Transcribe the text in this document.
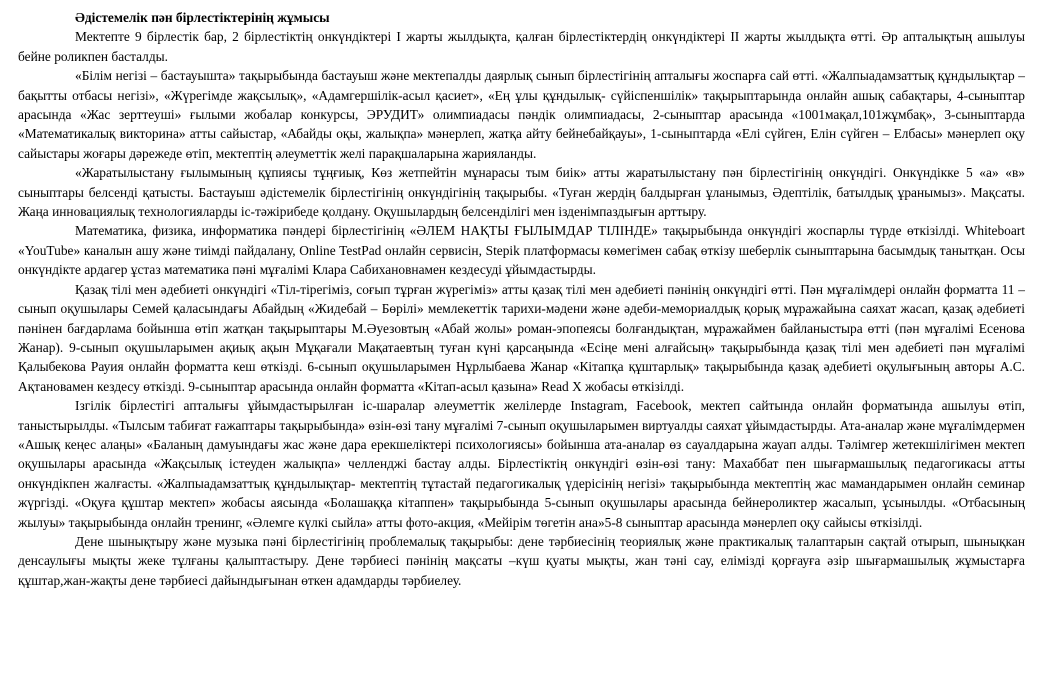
Әдістемелік пән бірлестіктерінің жұмысы

Мектепте 9 бірлестік бар, 2 бірлестіктің онкүндіктері I жарты жылдықта, қалған бірлестіктердің онкүндіктері II жарты жылдықта өтті. Әр апталықтың ашылуы бейне роликпен басталды.

«Білім негізі – бастауышта» тақырыбында бастауыш және мектепалды даярлық сынып бірлестігінің апталығы жоспарға сай өтті. «Жалпыадамзаттық құндылықтар – бақытты отбасы негізі», «Жүрегімде жақсылық», «Адамгершілік-асыл қасиет», «Ең ұлы құндылық- сүйіспеншілік» тақырыптарында онлайн ашық сабақтары, 4-сыныптар арасында «Жас зерттеуші» ғылыми жобалар конкурсы, ЭРУДИТ» олимпиадасы пәндік олимпиадасы, 2-сыныптар арасында «1001мақал,101жұмбақ», 3-сыныптарда «Математикалық викторина» атты сайыстар, «Абайды оқы, жалықпа» мәнерлеп, жатқа айту бейнебайқауы», 1-сыныптарда «Елі сүйген, Елін сүйген – Елбасы» мәнерлеп оқу сайыстары жоғары дәрежеде өтіп, мектептің әлеуметтік желі парақшаларына жарияланды.

«Жаратылыстану ғылымының құпиясы тұңғиық, Көз жетпейтін мұнарасы тым биік» атты жаратылыстану пән бірлестігінің онкүндігі. Онкүндікке 5 «а» «в» сыныптары белсенді қатысты. Бастауыш әдістемелік бірлестігінің онкүндігінің тақырыбы. «Туған жердің балдырған ұланымыз, Әдептілік, батылдық ұранымыз». Мақсаты. Жаңа инновациялық технологияларды іс-тәжірибеде қолдану. Оқушылардың белсенділігі мен ізденімпаздығын арттыру.

Математика, физика, информатика пәндері бірлестігінің «ӘЛЕМ НАҚТЫ ҒЫЛЫМДАР ТІЛІНДЕ» тақырыбында онкүндігі жоспарлы түрде өткізілді. Whiteboart «YouTube» каналын ашу және тиімді пайдалану, Online TestPad онлайн сервисін, Stepik платформасы көмегімен сабақ өткізу шеберлік сыныптарына басымдық танытқан. Осы онкүндікте ардагер ұстаз математика пәні мұғалімі Клара Сабихановнамен кездесуді ұйымдастырды.

Қазақ тілі мен әдебиеті онкүндігі «Тіл-тірегіміз, соғып тұрған жүрегіміз» атты қазақ тілі мен әдебиеті пәнінің онкүндігі өтті. Пән мұғалімдері онлайн форматта 11 – сынып оқушылары Семей қаласындағы Абайдың «Жидебай – Бөрілі» мемлекеттік тарихи-мәдени және әдеби-мемориалдық қорық мұражайына саяхат жасап, қазақ әдебиеті пәнінен бағдарлама бойынша өтіп жатқан тақырыптары М.Әуезовтың «Абай жолы» роман-эпопеясы болғандықтан, мұражаймен байланыстыра өтті (пән мұғалімі Есенова Жанар). 9-сынып оқушыларымен ақиық ақын Мұқағали Мақатаевтың туған күні қарсаңында «Есіңе мені алғайсың» тақырыбында қазақ тілі мен әдебиеті пән мұғалімі Қалыбекова Рауия онлайн форматта кеш өткізді. 6-сынып оқушыларымен Нұрлыбаева Жанар «Кітапқа құштарлық» тақырыбында қазақ әдебиеті оқулығының авторы А.С. Ақтановамен кездесу өткізді. 9-сыныптар арасында онлайн форматта «Кітап-асыл қазына» Read X жобасы өткізілді.

Ізгілік бірлестігі апталығы ұйымдастырылған іс-шаралар әлеуметтік желілерде Instagram, Facebook, мектеп сайтында онлайн форматында ашылуы өтіп, таныстырылды. «Тылсым табиғат ғажаптары тақырыбында» өзін-өзі тану мұғалімі 7-сынып оқушыларымен виртуалды саяхат ұйымдастырды. Ата-аналар және мұғалімдермен «Ашық кеңес алаңы» «Баланың дамуындағы жас және дара ерекшеліктері психологиясы» бойынша ата-аналар өз сауалдарына жауап алды. Тәлімгер жетекшілігімен мектеп оқушылары арасында «Жақсылық істеуден жалықпа» челленджі бастау алды. Бірлестіктің онкүндігі өзін-өзі тану: Махаббат пен шығармашылық педагогикасы атты онкүндікпен жалғасты. «Жалпыадамзаттық құндылықтар- мектептің тұтастай педагогикалық үдерісінің негізі» тақырыбында мектептің жас мамандарымен онлайн семинар жүргізді. «Оқуға құштар мектеп» жобасы аясында «Болашаққа кітаппен» тақырыбында 5-сынып оқушылары арасында бейнероликтер жасалып, ұсынылды. «Отбасының жылуы» тақырыбында онлайн тренинг, «Әлемге күлкі сыйла» атты фото-акция, «Мейірім төгетін ана»5-8 сыныптар арасында мәнерлеп оқу сайысы өткізілді.

Дене шынықтыру және музыка пәні бірлестігінің проблемалық тақырыбы: дене тәрбиесінің теориялық және практикалық талаптарын сақтай отырып, шынықкан денсаулығы мықты жеке тұлғаны қалыптастыру. Дене тәрбиесі пәнінің мақсаты –күш қуаты мықты, жан тәні сау, елімізді қорғауға әзір шығармашылық жұмыстарға құштар,жан-жақты дене тәрбиесі дайындығынан өткен адамдарды тәрбиелеу.
